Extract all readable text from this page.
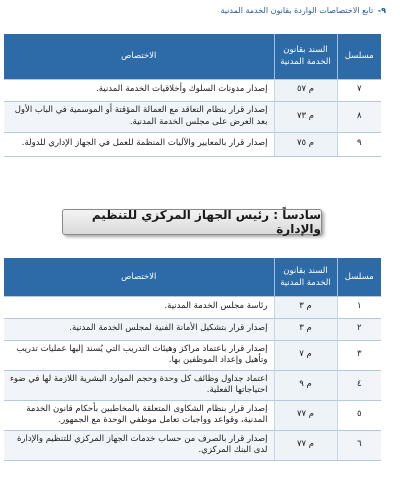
٩- تابع الاختصاصات الواردة بقانون الخدمة المدنية
مسلسل	السند بقانون الخدمة المدنية	الاختصاص
٧	م ٥٧	إصدار مدونات السلوك وأخلاقيات الخدمة المدنية.
٨	م ٧٣	إصدار قرار بنظام التعاقد مع العمالة المؤقتة أو الموسمية في الباب الأول بعد العرض على مجلس الخدمة المدنية.
٩	م ٧٥	إصدار قرار بالمعايير والآليات المنظمة للعمل في الجهاز الإداري للدولة.
سادساً : رئيس الجهاز المركزي للتنظيم والإدارة
مسلسل	السند بقانون الخدمة المدنية	الاختصاص
١	م ٣	رئاسة مجلس الخدمة المدنية.
٢	م ٣	إصدار قرار بتشكيل الأمانة الفنية لمجلس الخدمة المدنية.
٣	م ٧	إصدار قرار باعتماد مراكز وهيئات التدريب التي يُسند إليها عمليات تدريب وتأهيل وإعداد الموظفين بها.
٤	م ٩	اعتماد جداول وظائف كل وحدة وحجم الموارد البشرية اللازمة لها في ضوء احتياجاتها الفعلية.
٥	م ٧٧	إصدار قرار بنظام الشكاوى المتعلقة بالمخاطبين بأحكام قانون الخدمة المدنية، وقواعد وواجبات تعامل موظفي الوحدة مع الجمهور.
٦	م ٧٧	إصدار قرار بالصرف من حساب خدمات الجهاز المركزي للتنظيم والإدارة لدى البنك المركزي.
